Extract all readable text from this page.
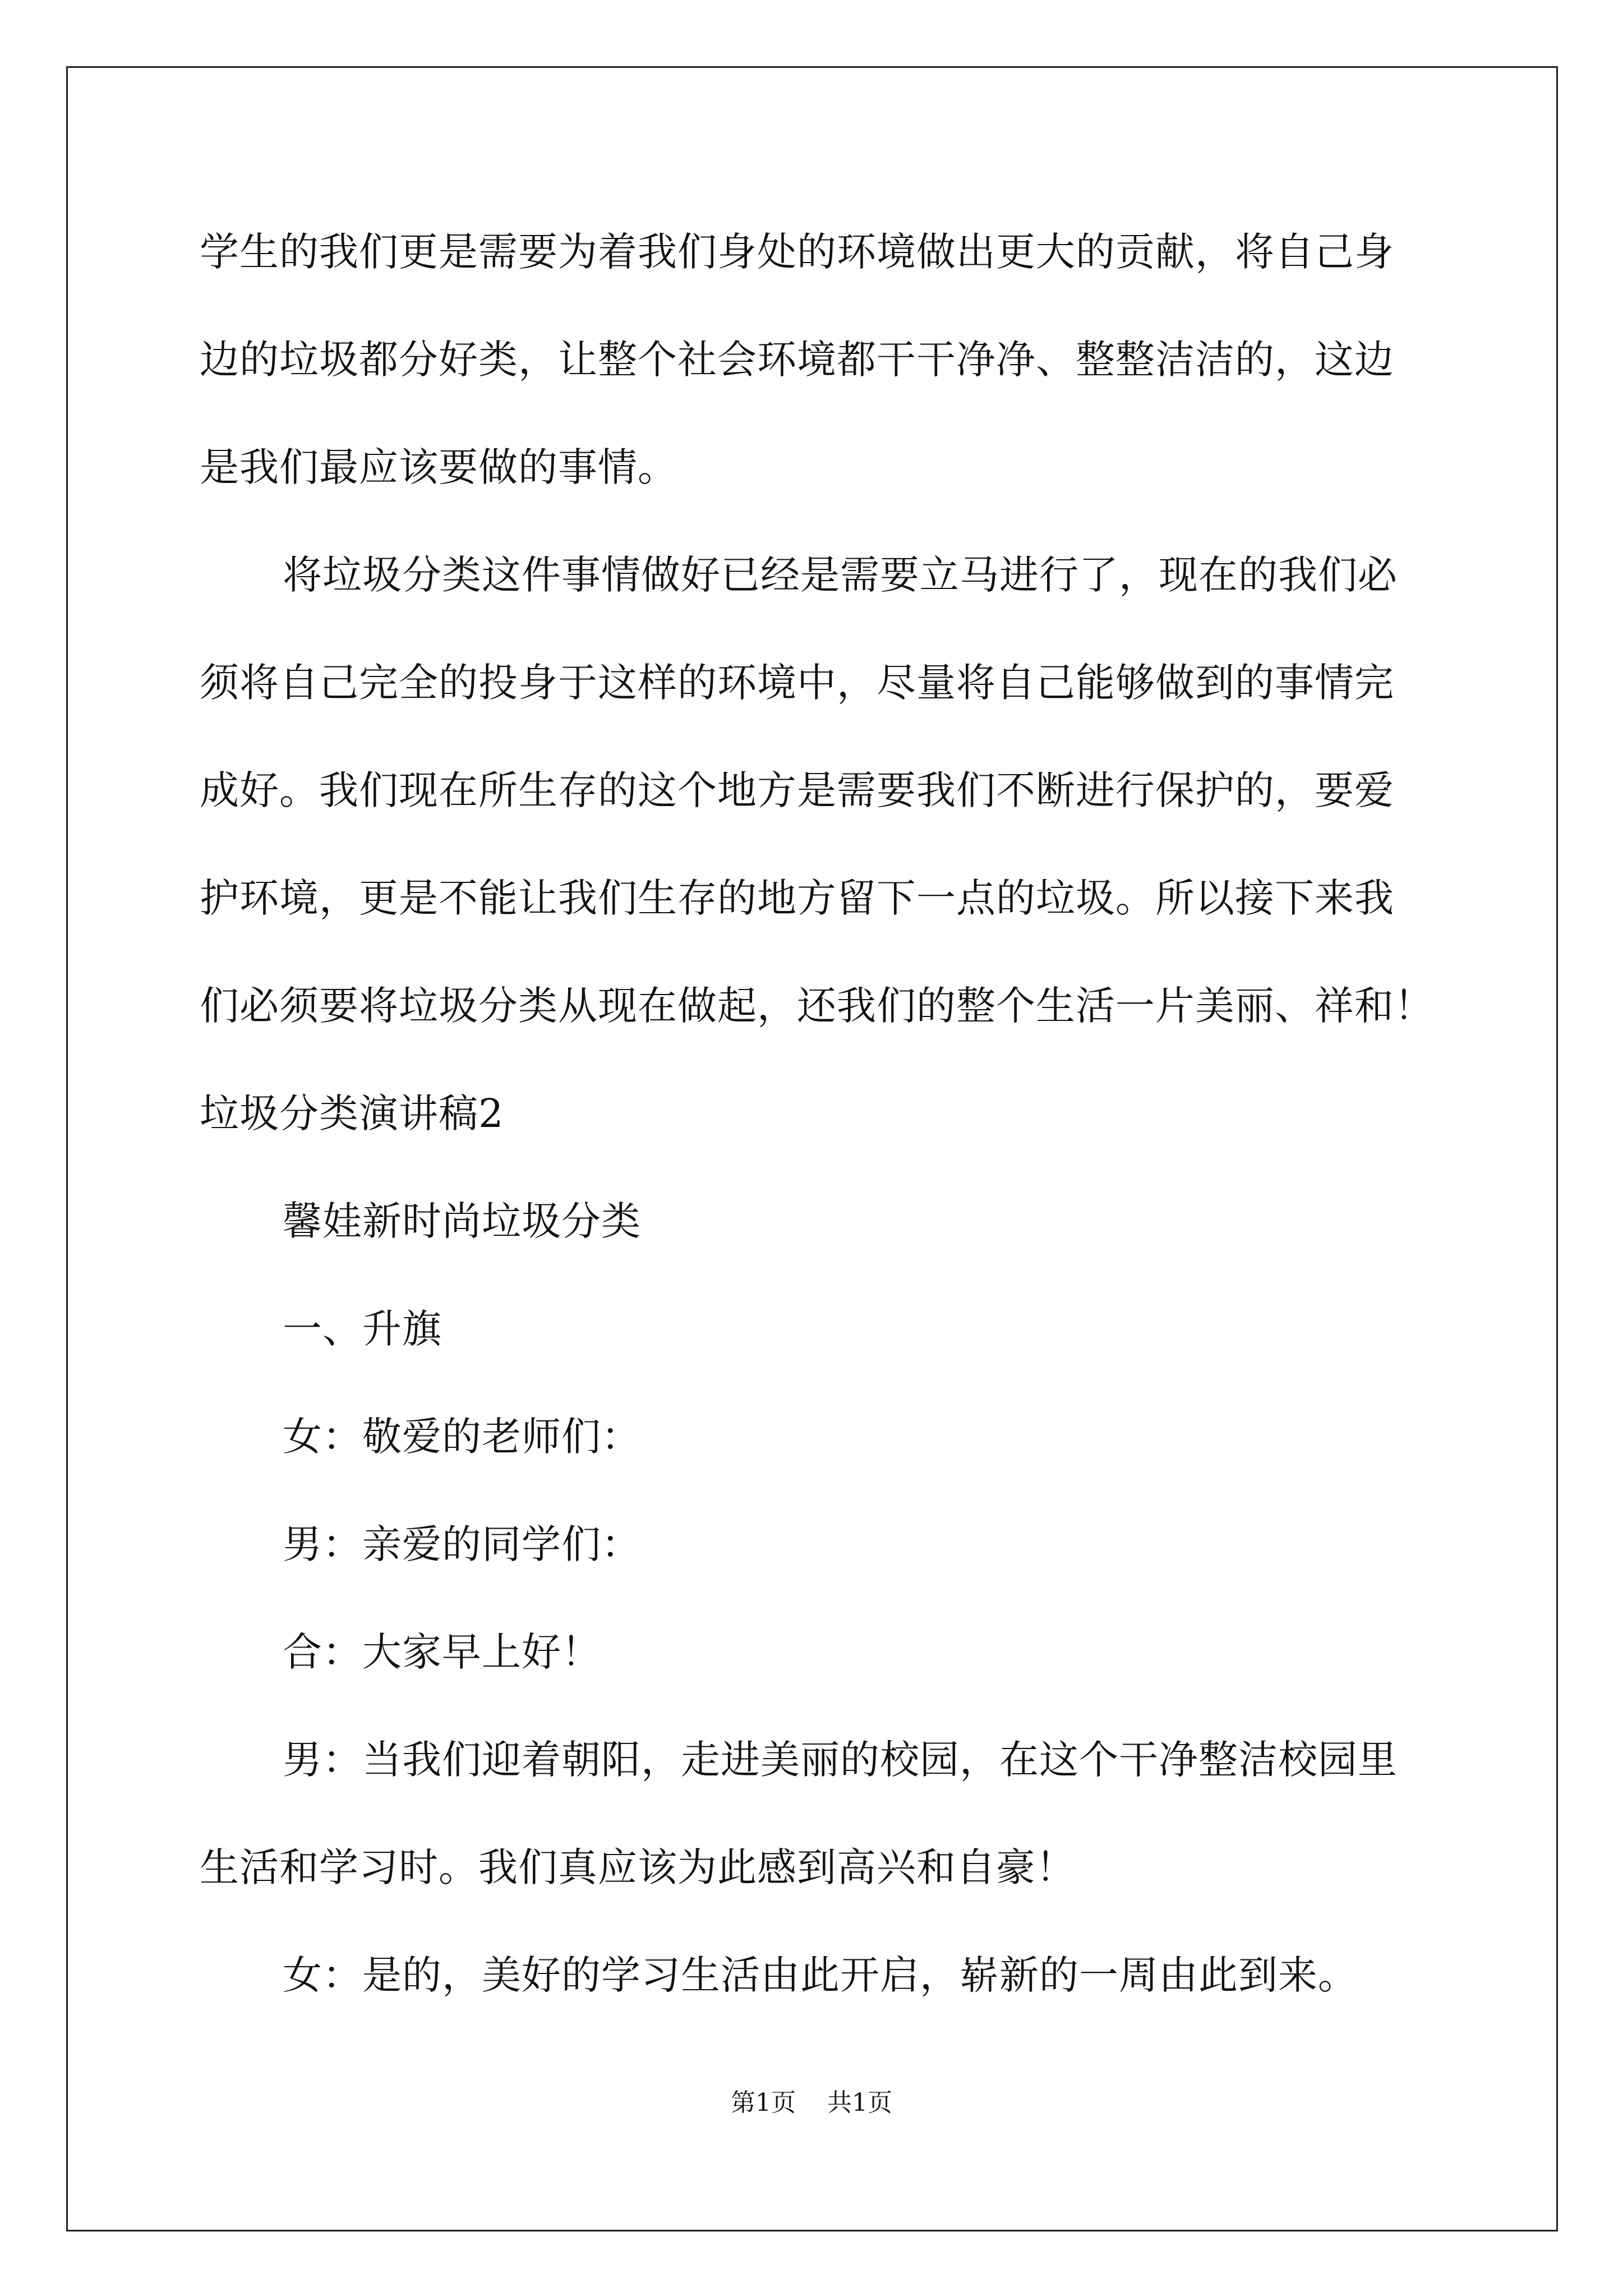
学生的我们更是需要为着我们身处的环境做出更大的贡献，将自己身
边的垃圾都分好类，让整个社会环境都干干净净、整整洁洁的，这边
是我们最应该要做的事情。
将垃圾分类这件事情做好已经是需要立马进行了，现在的我们必
须将自己完全的投身于这样的环境中，尽量将自己能够做到的事情完
成好。我们现在所生存的这个地方是需要我们不断进行保护的，要爱
护环境，更是不能让我们生存的地方留下一点的垃圾。所以接下来我
们必须要将垃圾分类从现在做起，还我们的整个生活一片美丽、祥和！
垃圾分类演讲稿2
馨娃新时尚垃圾分类
一、升旗
女：敬爱的老师们：
男：亲爱的同学们：
合：大家早上好！
男：当我们迎着朝阳，走进美丽的校园，在这个干净整洁校园里
生活和学习时。我们真应该为此感到高兴和自豪！
女：是的，美好的学习生活由此开启，崭新的一周由此到来。
第1页 共1页
